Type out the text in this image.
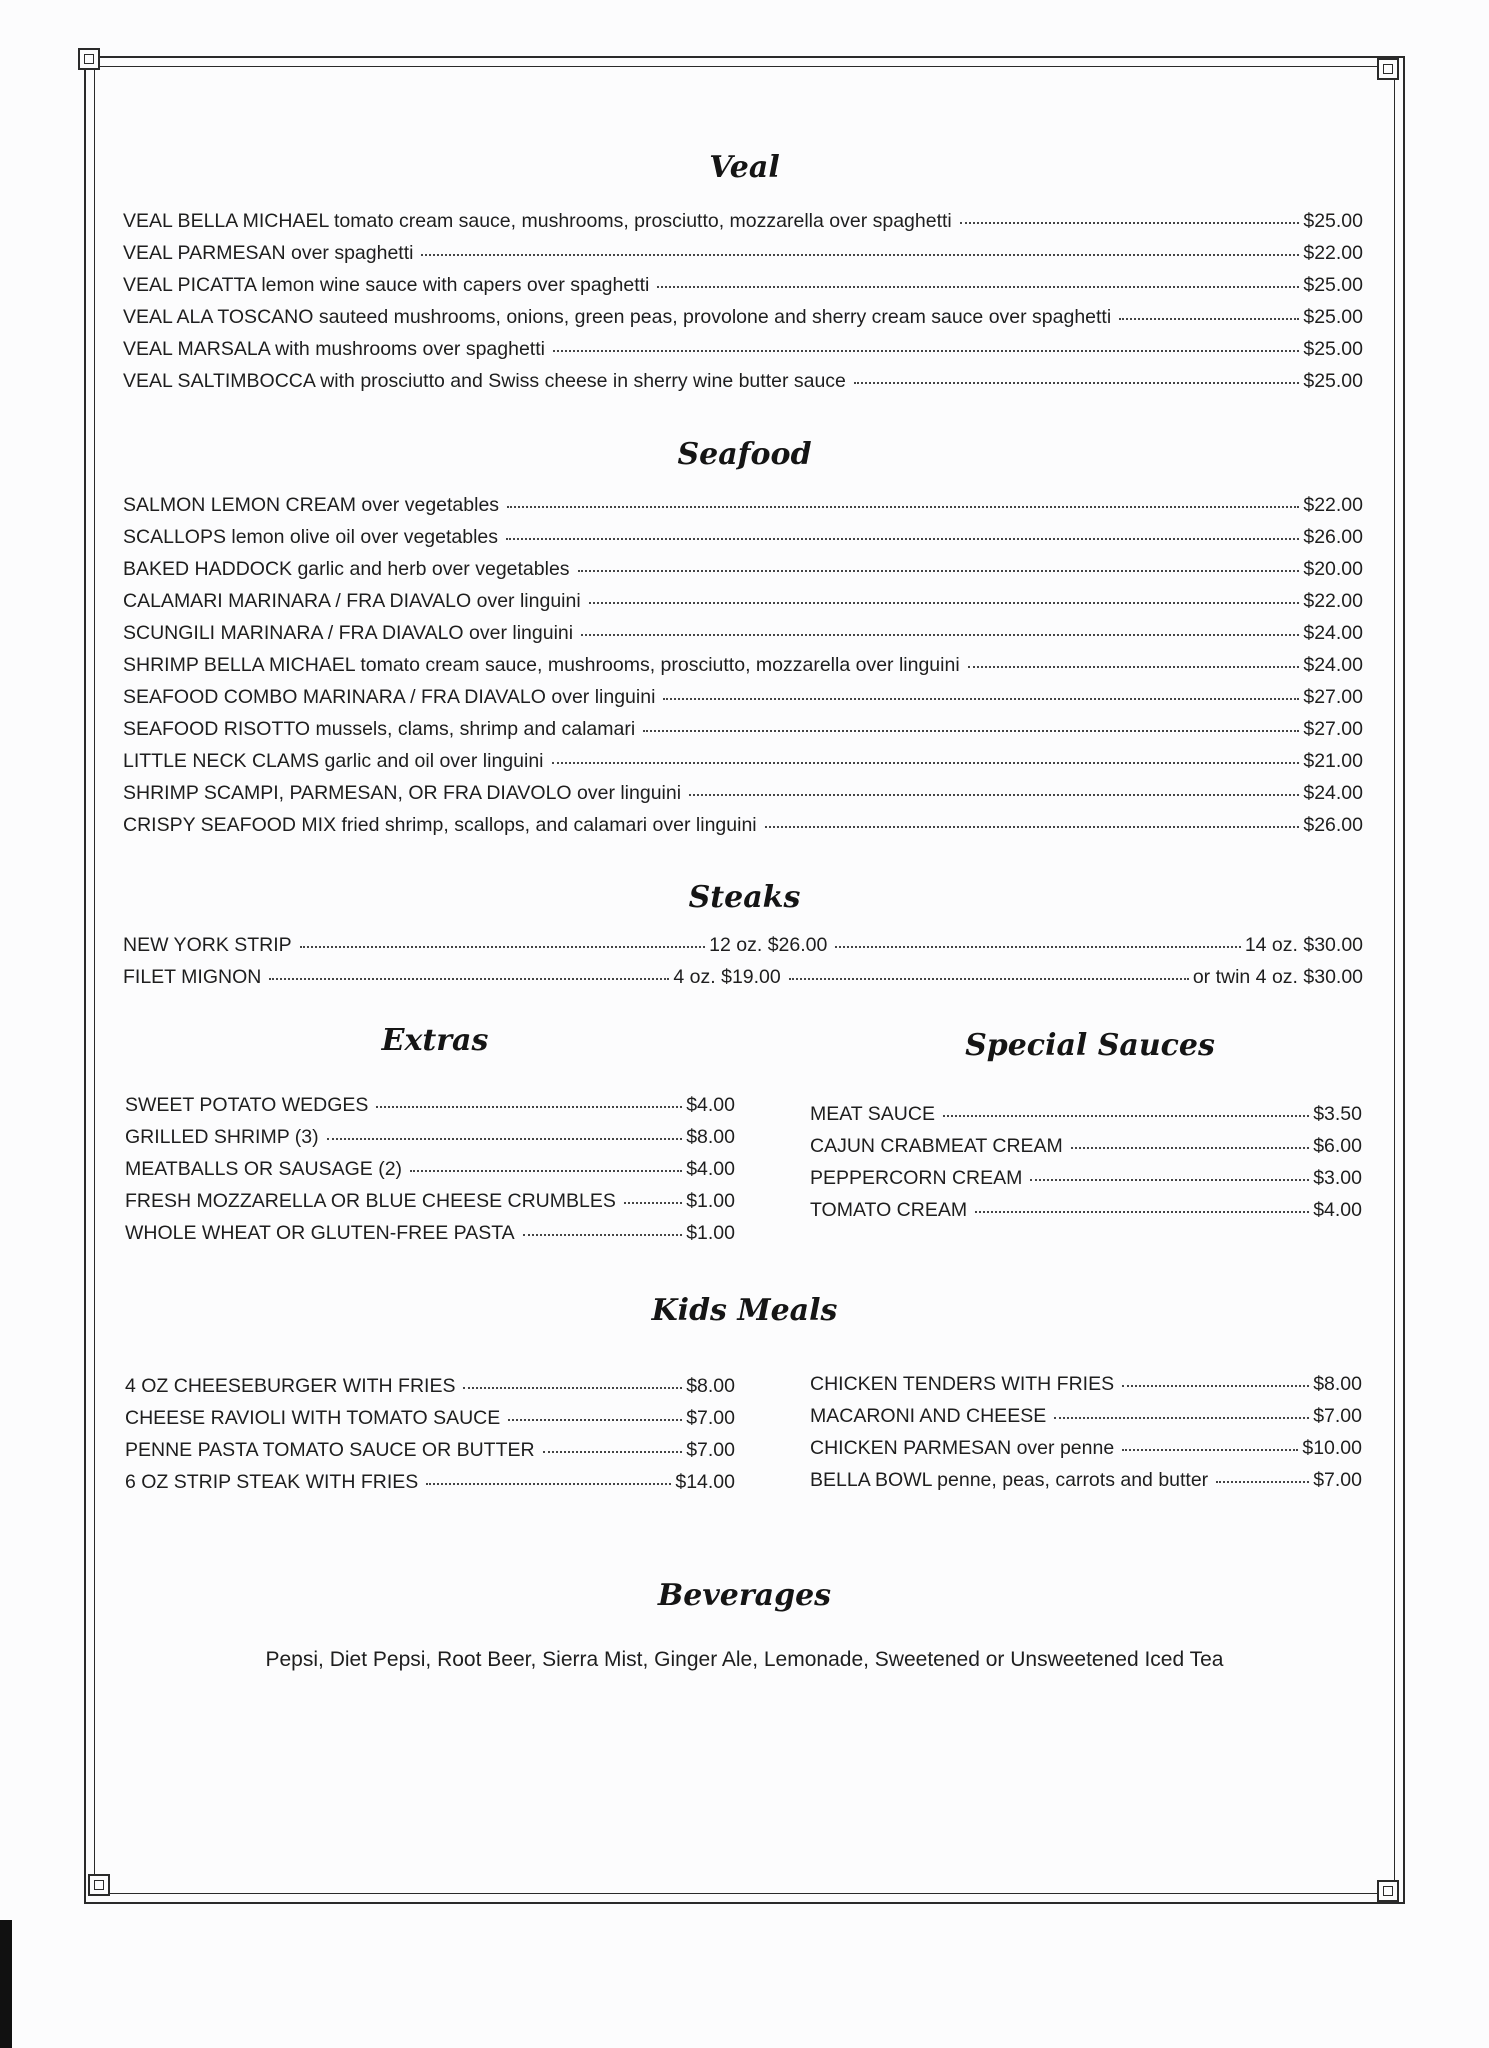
Veal
VEAL BELLA MICHAEL tomato cream sauce, mushrooms, prosciutto, mozzarella over spaghetti	$25.00
VEAL PARMESAN over spaghetti	$22.00
VEAL PICATTA lemon wine sauce with capers over spaghetti	$25.00
VEAL ALA TOSCANO sauteed mushrooms, onions, green peas, provolone and sherry cream sauce over spaghetti	$25.00
VEAL MARSALA with mushrooms over spaghetti	$25.00
VEAL SALTIMBOCCA with prosciutto and Swiss cheese in sherry wine butter sauce	$25.00
Seafood
SALMON LEMON CREAM over vegetables	$22.00
SCALLOPS lemon olive oil over vegetables	$26.00
BAKED HADDOCK garlic and herb over vegetables	$20.00
CALAMARI MARINARA / FRA DIAVALO over linguini	$22.00
SCUNGILI MARINARA / FRA DIAVALO over linguini	$24.00
SHRIMP BELLA MICHAEL tomato cream sauce, mushrooms, prosciutto, mozzarella over linguini	$24.00
SEAFOOD COMBO MARINARA / FRA DIAVALO over linguini	$27.00
SEAFOOD RISOTTO mussels, clams, shrimp and calamari	$27.00
LITTLE NECK CLAMS garlic and oil over linguini	$21.00
SHRIMP SCAMPI, PARMESAN, OR FRA DIAVOLO over linguini	$24.00
CRISPY SEAFOOD MIX fried shrimp, scallops, and calamari over linguini	$26.00
Steaks
NEW YORK STRIP	12 oz. $26.00	14 oz. $30.00
FILET MIGNON	4 oz. $19.00	or twin 4 oz. $30.00
Extras
SWEET POTATO WEDGES	$4.00
GRILLED SHRIMP (3)	$8.00
MEATBALLS OR SAUSAGE (2)	$4.00
FRESH MOZZARELLA OR BLUE CHEESE CRUMBLES	$1.00
WHOLE WHEAT OR GLUTEN-FREE PASTA	$1.00
Special Sauces
MEAT SAUCE	$3.50
CAJUN CRABMEAT CREAM	$6.00
PEPPERCORN CREAM	$3.00
TOMATO CREAM	$4.00
Kids Meals
4 OZ CHEESEBURGER WITH FRIES	$8.00
CHEESE RAVIOLI WITH TOMATO SAUCE	$7.00
PENNE PASTA TOMATO SAUCE OR BUTTER	$7.00
6 OZ STRIP STEAK WITH FRIES	$14.00
CHICKEN TENDERS WITH FRIES	$8.00
MACARONI AND CHEESE	$7.00
CHICKEN PARMESAN over penne	$10.00
BELLA BOWL penne, peas, carrots and butter	$7.00
Beverages
Pepsi, Diet Pepsi, Root Beer, Sierra Mist, Ginger Ale, Lemonade, Sweetened or Unsweetened Iced Tea
